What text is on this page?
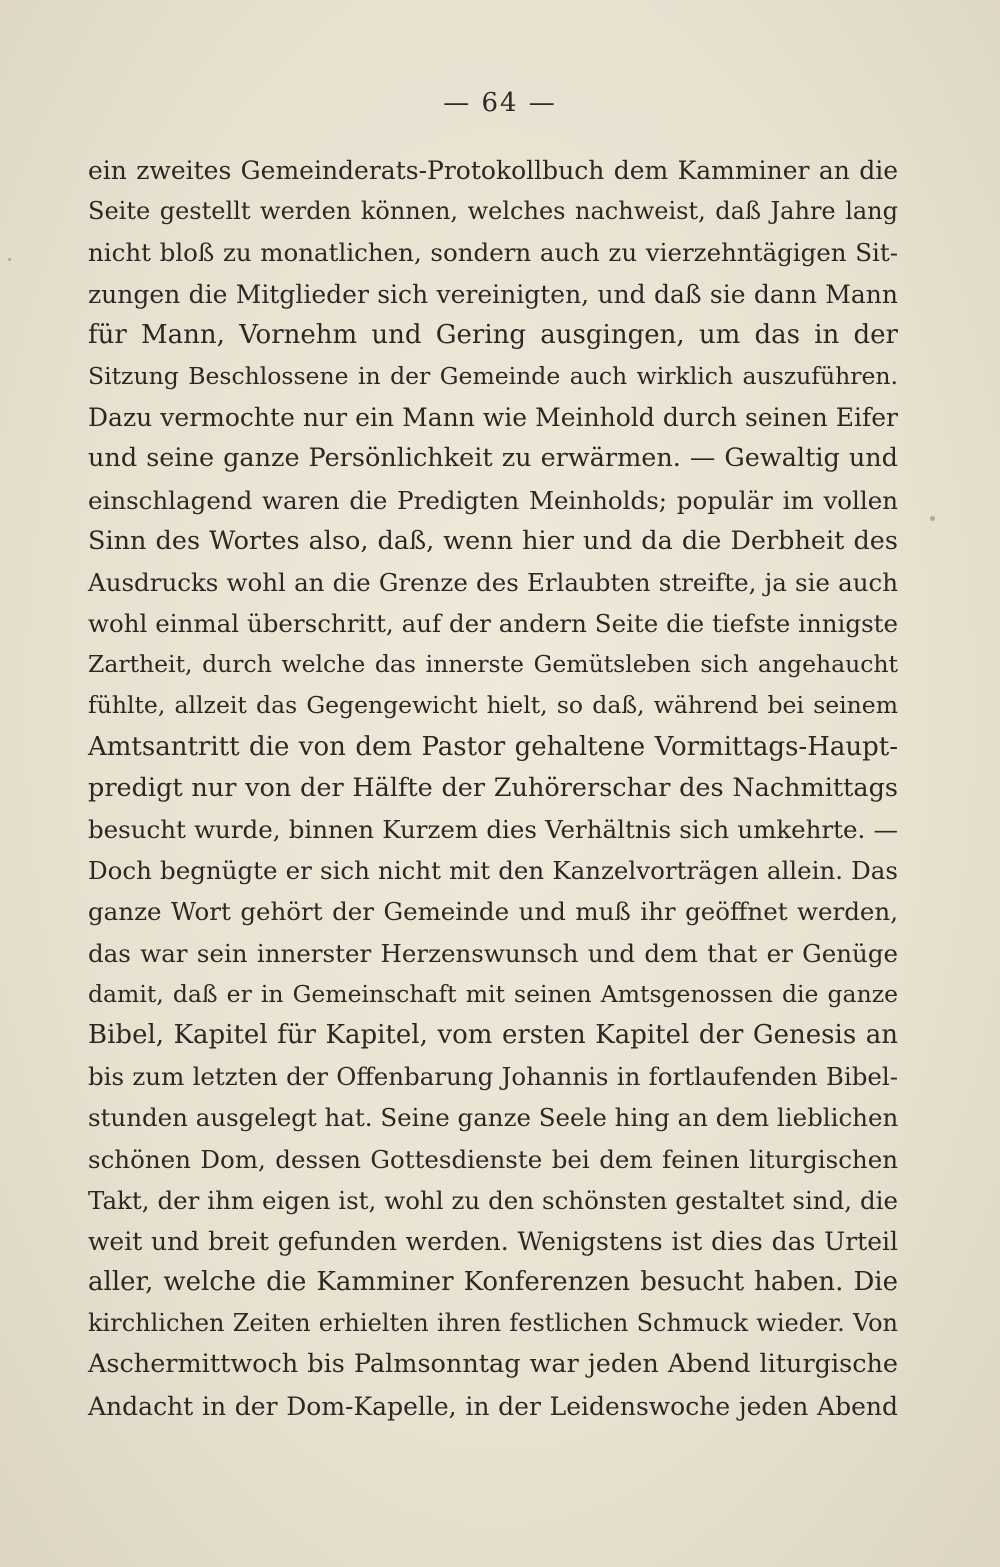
— 64 —
ein zweites Gemeinderats-Protokollbuch dem Kamminer an die
Seite gestellt werden können, welches nachweist, daß Jahre lang
nicht bloß zu monatlichen, sondern auch zu vierzehntägigen Sit-
zungen die Mitglieder sich vereinigten, und daß sie dann Mann
für Mann, Vornehm und Gering ausgingen, um das in der
Sitzung Beschlossene in der Gemeinde auch wirklich auszuführen.
Dazu vermochte nur ein Mann wie Meinhold durch seinen Eifer
und seine ganze Persönlichkeit zu erwärmen. — Gewaltig und
einschlagend waren die Predigten Meinholds; populär im vollen
Sinn des Wortes also, daß, wenn hier und da die Derbheit des
Ausdrucks wohl an die Grenze des Erlaubten streifte, ja sie auch
wohl einmal überschritt, auf der andern Seite die tiefste innigste
Zartheit, durch welche das innerste Gemütsleben sich angehaucht
fühlte, allzeit das Gegengewicht hielt, so daß, während bei seinem
Amtsantritt die von dem Pastor gehaltene Vormittags-Haupt-
predigt nur von der Hälfte der Zuhörerschar des Nachmittags
besucht wurde, binnen Kurzem dies Verhältnis sich umkehrte. —
Doch begnügte er sich nicht mit den Kanzelvorträgen allein. Das
ganze Wort gehört der Gemeinde und muß ihr geöffnet werden,
das war sein innerster Herzenswunsch und dem that er Genüge
damit, daß er in Gemeinschaft mit seinen Amtsgenossen die ganze
Bibel, Kapitel für Kapitel, vom ersten Kapitel der Genesis an
bis zum letzten der Offenbarung Johannis in fortlaufenden Bibel-
stunden ausgelegt hat. Seine ganze Seele hing an dem lieblichen
schönen Dom, dessen Gottesdienste bei dem feinen liturgischen
Takt, der ihm eigen ist, wohl zu den schönsten gestaltet sind, die
weit und breit gefunden werden. Wenigstens ist dies das Urteil
aller, welche die Kamminer Konferenzen besucht haben. Die
kirchlichen Zeiten erhielten ihren festlichen Schmuck wieder. Von
Aschermittwoch bis Palmsonntag war jeden Abend liturgische
Andacht in der Dom-Kapelle, in der Leidenswoche jeden Abend
